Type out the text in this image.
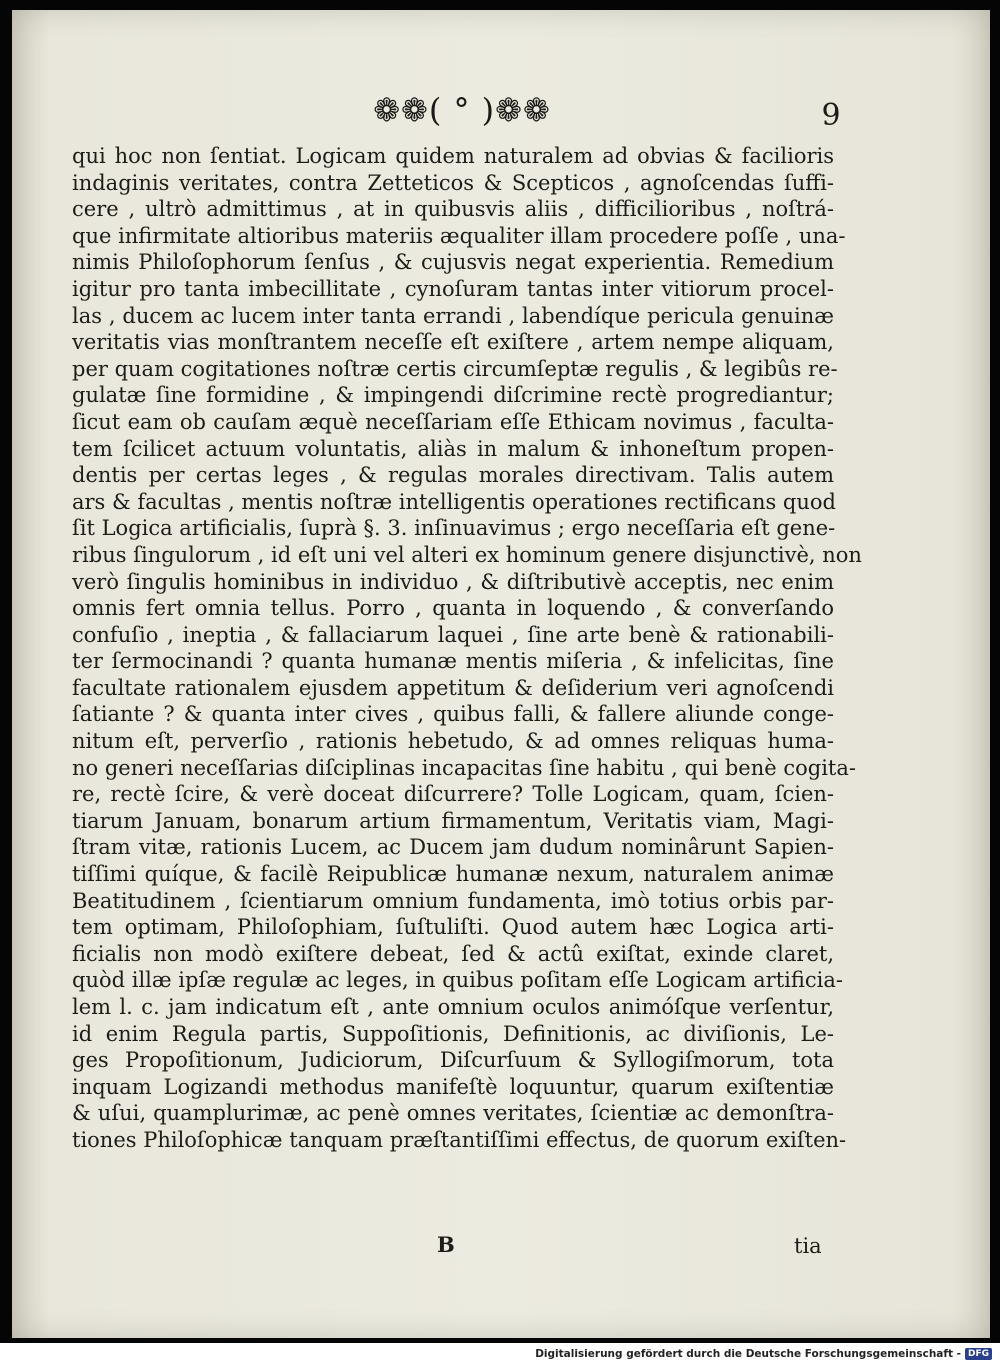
❁❁( ° )❁❁	9
qui hoc non ſentiat. Logicam quidem naturalem ad obvias & facilioris
indaginis veritates, contra Zetteticos & Scepticos , agnoſcendas ſuffi-
cere , ultrò admittimus , at in quibusvis aliis , difficilioribus , noſtrá-
que infirmitate altioribus materiis æqualiter illam procedere poſſe , una-
nimis Philoſophorum ſenſus , & cujusvis negat experientia. Remedium
igitur pro tanta imbecillitate , cynoſuram tantas inter vitiorum procel-
las , ducem ac lucem inter tanta errandi , labendíque pericula genuinæ
veritatis vias monſtrantem neceſſe eſt exiſtere , artem nempe aliquam,
per quam cogitationes noſtræ certis circumſeptæ regulis , & legibûs re-
gulatæ ſine formidine , & impingendi diſcrimine rectè progrediantur;
ſicut eam ob cauſam æquè neceſſariam eſſe Ethicam novimus , faculta-
tem ſcilicet actuum voluntatis, aliàs in malum & inhoneſtum propen-
dentis per certas leges , & regulas morales directivam. Talis autem
ars & facultas , mentis noſtræ intelligentis operationes rectificans quod
ſit Logica artificialis, ſuprà §. 3. inſinuavimus ; ergo neceſſaria eſt gene-
ribus ſingulorum , id eſt uni vel alteri ex hominum genere disjunctivè, non
verò ſingulis hominibus in individuo , & diſtributivè acceptis, nec enim
omnis fert omnia tellus. Porro , quanta in loquendo , & converſando
confuſio , ineptia , & fallaciarum laquei , ſine arte benè & rationabili-
ter ſermocinandi ? quanta humanæ mentis miſeria , & infelicitas, ſine
facultate rationalem ejusdem appetitum & deſiderium veri agnoſcendi
ſatiante ? & quanta inter cives , quibus falli, & fallere aliunde conge-
nitum eſt, perverſio , rationis hebetudo, & ad omnes reliquas huma-
no generi neceſſarias diſciplinas incapacitas ſine habitu , qui benè cogita-
re, rectè ſcire, & verè doceat diſcurrere? Tolle Logicam, quam, ſcien-
tiarum Januam, bonarum artium firmamentum, Veritatis viam, Magi-
ſtram vitæ, rationis Lucem, ac Ducem jam dudum nominârunt Sapien-
tiſſimi quíque, & facilè Reipublicæ humanæ nexum, naturalem animæ
Beatitudinem , ſcientiarum omnium fundamenta, imò totius orbis par-
tem optimam, Philoſophiam, ſuſtuliſti. Quod autem hæc Logica arti-
ficialis non modò exiſtere debeat, ſed & actû exiſtat, exinde claret,
quòd illæ ipſæ regulæ ac leges, in quibus poſitam eſſe Logicam artificia-
lem l. c. jam indicatum eſt , ante omnium oculos animóſque verſentur,
id enim Regula partis, Suppoſitionis, Definitionis, ac diviſionis, Le-
ges Propoſitionum, Judiciorum, Diſcurſuum & Syllogiſmorum, tota
inquam Logizandi methodus manifeſtè loquuntur, quarum exiſtentiæ
& uſui, quamplurimæ, ac penè omnes veritates, ſcientiæ ac demonſtra-
tiones Philoſophicæ tanquam præſtantiſſimi effectus, de quorum exiſten-
B	tia
Digitalisierung gefördert durch die Deutsche Forschungsgemeinschaft - DFG
